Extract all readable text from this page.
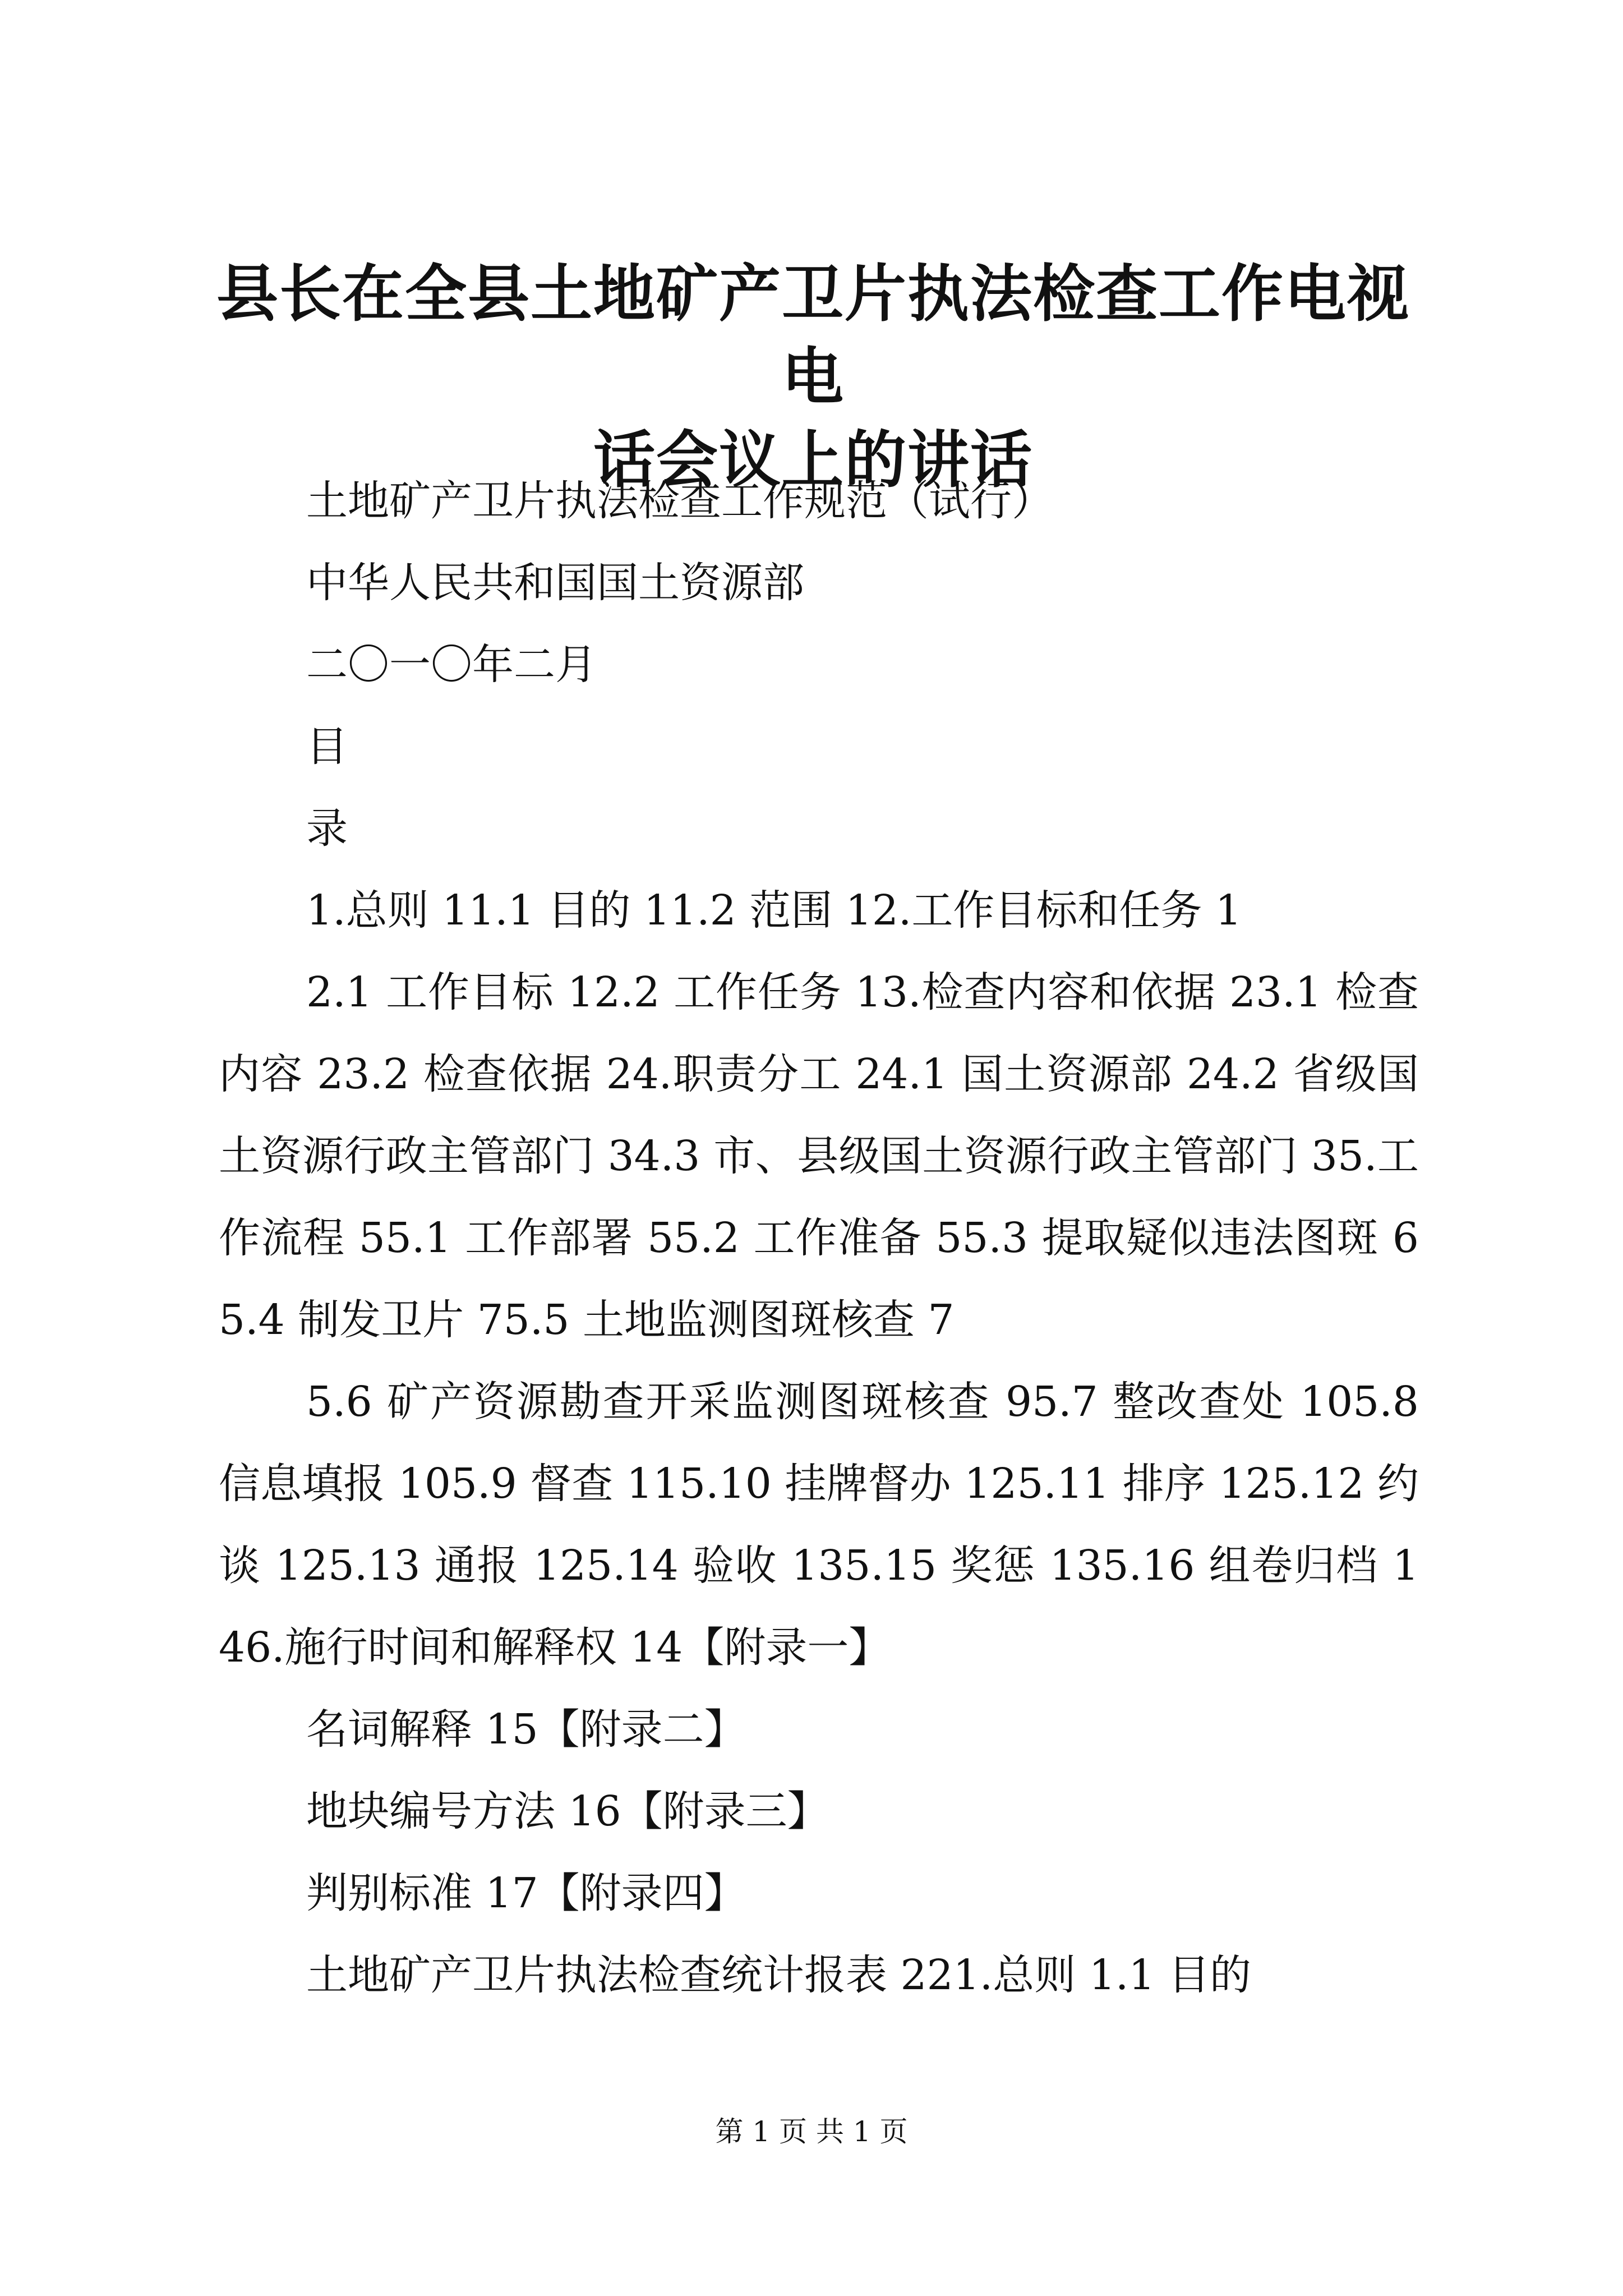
县长在全县土地矿产卫片执法检查工作电视电
话会议上的讲话

土地矿产卫片执法检查工作规范（试行）

中华人民共和国国土资源部

二〇一〇年二月

目

录

1.总则 11.1 目的 11.2 范围 12.工作目标和任务 1

2.1 工作目标 12.2 工作任务 13.检查内容和依据 23.1 检查内容 23.2 检查依据 24.职责分工 24.1 国土资源部 24.2 省级国土资源行政主管部门 34.3 市、县级国土资源行政主管部门 35.工作流程 55.1 工作部署 55.2 工作准备 55.3 提取疑似违法图斑 65.4 制发卫片 75.5 土地监测图斑核查 7

5.6 矿产资源勘查开采监测图斑核查 95.7 整改查处 105.8 信息填报 105.9 督查 115.10 挂牌督办 125.11 排序 125.12 约谈 125.13 通报 125.14 验收 135.15 奖惩 135.16 组卷归档 146.施行时间和解释权 14【附录一】

名词解释 15【附录二】

地块编号方法 16【附录三】

判别标准 17【附录四】

土地矿产卫片执法检查统计报表 221.总则 1.1 目的

第 1 页 共 1 页
